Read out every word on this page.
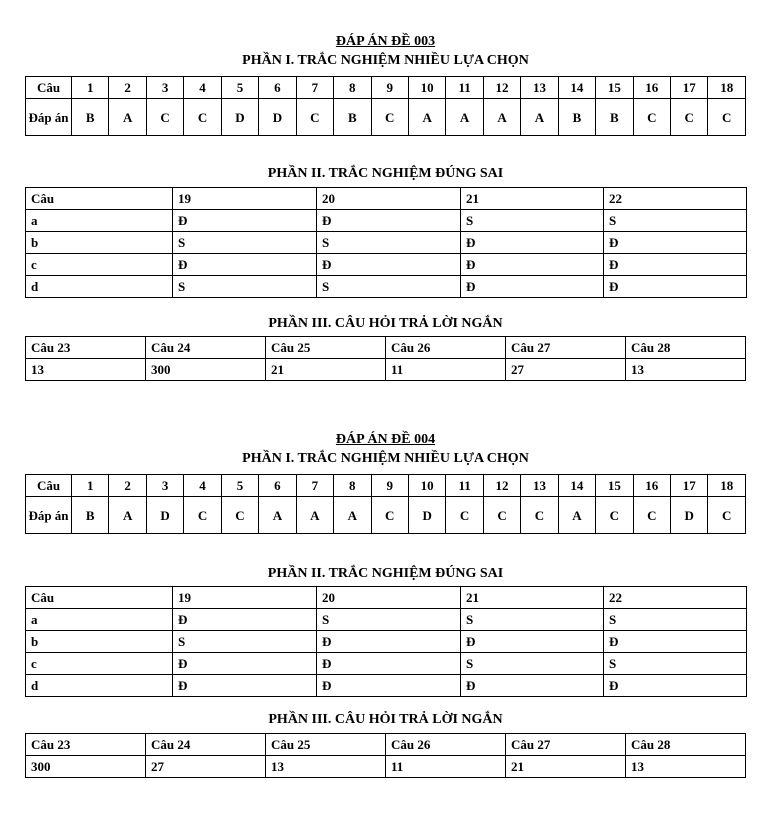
ĐÁP ÁN ĐỀ 003
PHẦN I. TRẮC NGHIỆM NHIỀU LỰA CHỌN
Câu	1	2	3	4	5	6	7	8	9	10	11	12	13	14	15	16	17	18
Đáp án	B	A	C	C	D	D	C	B	C	A	A	A	A	B	B	C	C	C
PHẦN II. TRẮC NGHIỆM ĐÚNG SAI
Câu	19	20	21	22
a	Đ	Đ	S	S
b	S	S	Đ	Đ
c	Đ	Đ	Đ	Đ
d	S	S	Đ	Đ
PHẦN III. CÂU HỎI TRẢ LỜI NGẮN
Câu 23	Câu 24	Câu 25	Câu 26	Câu 27	Câu 28
13	300	21	11	27	13
ĐÁP ÁN ĐỀ 004
PHẦN I. TRẮC NGHIỆM NHIỀU LỰA CHỌN
Câu	1	2	3	4	5	6	7	8	9	10	11	12	13	14	15	16	17	18
Đáp án	B	A	D	C	C	A	A	A	C	D	C	C	C	A	C	C	D	C
PHẦN II. TRẮC NGHIỆM ĐÚNG SAI
Câu	19	20	21	22
a	Đ	S	S	S
b	S	Đ	Đ	Đ
c	Đ	Đ	S	S
d	Đ	Đ	Đ	Đ
PHẦN III. CÂU HỎI TRẢ LỜI NGẮN
Câu 23	Câu 24	Câu 25	Câu 26	Câu 27	Câu 28
300	27	13	11	21	13
